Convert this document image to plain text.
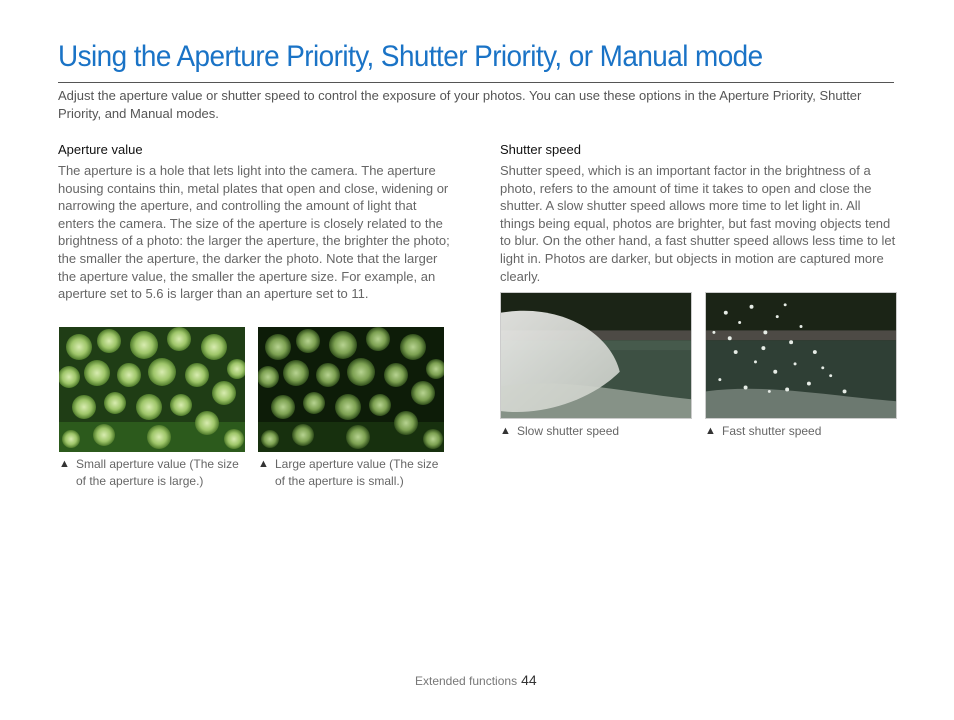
Using the Aperture Priority, Shutter Priority, or Manual mode
Adjust the aperture value or shutter speed to control the exposure of your photos. You can use these options in the Aperture Priority, Shutter Priority, and Manual modes.
Aperture value
The aperture is a hole that lets light into the camera. The aperture housing contains thin, metal plates that open and close, widening or narrowing the aperture, and controlling the amount of light that enters the camera. The size of the aperture is closely related to the brightness of a photo: the larger the aperture, the brighter the photo; the smaller the aperture, the darker the photo. Note that the larger the aperture value, the smaller the aperture size. For example, an aperture set to 5.6 is larger than an aperture set to 11.
▲ Small aperture value (The size of the aperture is large.)
▲ Large aperture value (The size of the aperture is small.)
Shutter speed
Shutter speed, which is an important factor in the brightness of a photo, refers to the amount of time it takes to open and close the shutter. A slow shutter speed allows more time to let light in. All things being equal, photos are brighter, but fast moving objects tend to blur. On the other hand, a fast shutter speed allows less time to let light in. Photos are darker, but objects in motion are captured more clearly.
▲ Slow shutter speed	▲ Fast shutter speed
Extended functions 44
